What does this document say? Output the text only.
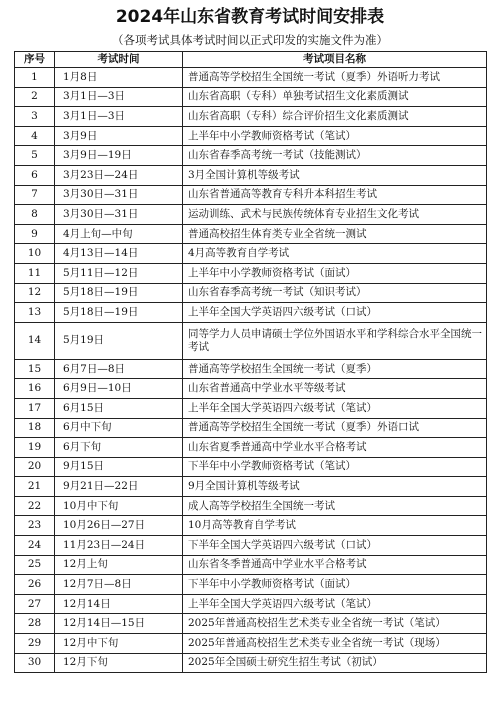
2024年山东省教育考试时间安排表
（各项考试具体考试时间以正式印发的实施文件为准）
序号	考试时间	考试项目名称
1	1月8日	普通高等学校招生全国统一考试（夏季）外语听力考试
2	3月1日—3日	山东省高职（专科）单独考试招生文化素质测试
3	3月1日—3日	山东省高职（专科）综合评价招生文化素质测试
4	3月9日	上半年中小学教师资格考试（笔试）
5	3月9日—19日	山东省春季高考统一考试（技能测试）
6	3月23日—24日	3月全国计算机等级考试
7	3月30日—31日	山东省普通高等教育专科升本科招生考试
8	3月30日—31日	运动训练、武术与民族传统体育专业招生文化考试
9	4月上旬—中旬	普通高校招生体育类专业全省统一测试
10	4月13日—14日	4月高等教育自学考试
11	5月11日—12日	上半年中小学教师资格考试（面试）
12	5月18日—19日	山东省春季高考统一考试（知识考试）
13	5月18日—19日	上半年全国大学英语四六级考试（口试）
14	5月19日	同等学力人员申请硕士学位外国语水平和学科综合水平全国统一考试
15	6月7日—8日	普通高等学校招生全国统一考试（夏季）
16	6月9日—10日	山东省普通高中学业水平等级考试
17	6月15日	上半年全国大学英语四六级考试（笔试）
18	6月中下旬	普通高等学校招生全国统一考试（夏季）外语口试
19	6月下旬	山东省夏季普通高中学业水平合格考试
20	9月15日	下半年中小学教师资格考试（笔试）
21	9月21日—22日	9月全国计算机等级考试
22	10月中下旬	成人高等学校招生全国统一考试
23	10月26日—27日	10月高等教育自学考试
24	11月23日—24日	下半年全国大学英语四六级考试（口试）
25	12月上旬	山东省冬季普通高中学业水平合格考试
26	12月7日—8日	下半年中小学教师资格考试（面试）
27	12月14日	上半年全国大学英语四六级考试（笔试）
28	12月14日—15日	2025年普通高校招生艺术类专业全省统一考试（笔试）
29	12月中下旬	2025年普通高校招生艺术类专业全省统一考试（现场）
30	12月下旬	2025年全国硕士研究生招生考试（初试）
